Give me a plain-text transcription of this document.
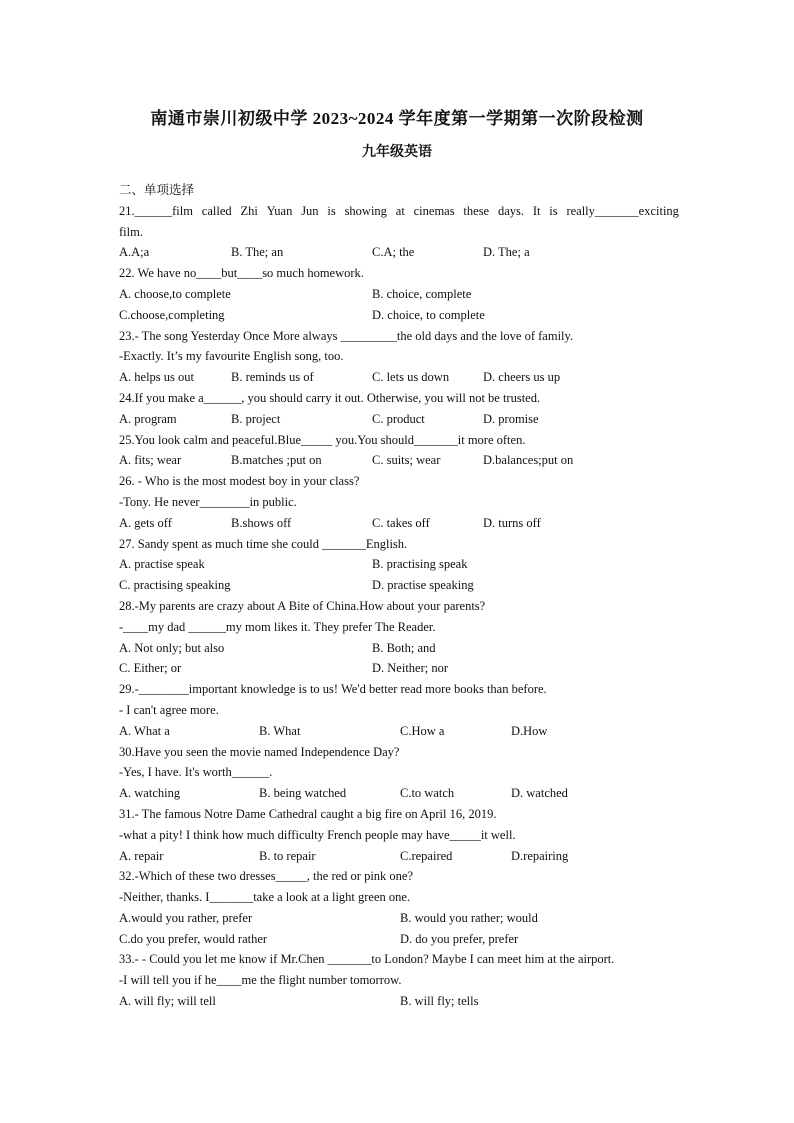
南通市崇川初级中学 2023~2024 学年度第一学期第一次阶段检测
九年级英语
二、单项选择
21.______film called Zhi Yuan Jun is showing at cinemas these days. It is really_______exciting
film.
A.A;a	B. The; an	C.A; the	D. The; a
22. We have no____but____so much homework.
A. choose,to complete	B. choice, complete
C.choose,completing	D. choice, to complete
23.- The song Yesterday Once More always _________the old days and the love of family.
-Exactly. It’s my favourite English song, too.
A. helps us out	B. reminds us of	C. lets us down	D. cheers us up
24.If you make a______, you should carry it out. Otherwise, you will not be trusted.
A. program	B. project	C. product	D. promise
25.You look calm and peaceful.Blue_____ you.You should_______it more often.
A. fits; wear	B.matches ;put on	C. suits; wear	D.balances;put on
26. - Who is the most modest boy in your class?
-Tony. He never________in public.
A. gets off	B.shows off	C. takes off	D. turns off
27. Sandy spent as much time she could _______English.
A. practise speak	B. practising speak
C. practising speaking	D. practise speaking
28.-My parents are crazy about A Bite of China.How about your parents?
-____my dad ______my mom likes it. They prefer The Reader.
A. Not only; but also	B. Both; and
C. Either; or	D. Neither; nor
29.-________important knowledge is to us! We'd better read more books than before.
- I can't agree more.
A. What a	B. What	C.How a	D.How
30.Have you seen the movie named Independence Day?
-Yes, I have. It's worth______.
A. watching	B. being watched	C.to watch	D. watched
31.- The famous Notre Dame Cathedral caught a big fire on April 16, 2019.
-what a pity! I think how much difficulty French people may have_____it well.
A. repair	B. to repair	C.repaired	D.repairing
32.-Which of these two dresses_____, the red or pink one?
-Neither, thanks. I_______take a look at a light green one.
A.would you rather, prefer	B. would you rather; would
C.do you prefer, would rather	D. do you prefer, prefer
33.- - Could you let me know if Mr.Chen _______to London? Maybe I can meet him at the airport.
-I will tell you if he____me the flight number tomorrow.
A. will fly; will tell	B. will fly; tells
